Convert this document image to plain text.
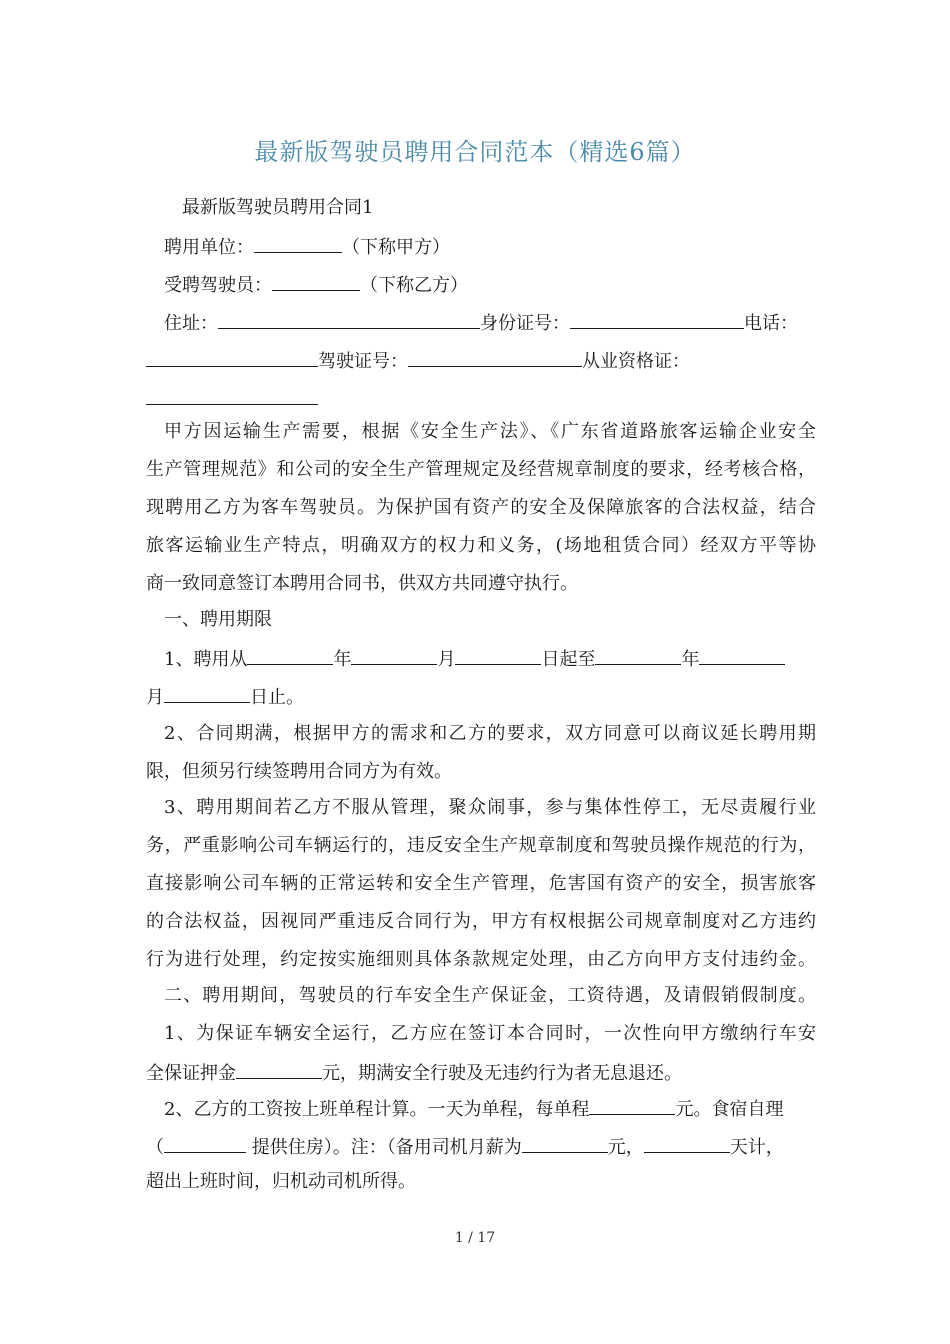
最新版驾驶员聘用合同范本（精选6篇）
最新版驾驶员聘用合同1
聘用单位：	（下称甲方）
受聘驾驶员：	（下称乙方）
住址：	身份证号：	电话：
驾驶证号：	从业资格证：
甲方因运输生产需要，根据《安全生产法》、《广东省道路旅客运输企业安全
生产管理规范》和公司的安全生产管理规定及经营规章制度的要求，经考核合格，
现聘用乙方为客车驾驶员。为保护国有资产的安全及保障旅客的合法权益，结合
旅客运输业生产特点，明确双方的权力和义务，(场地租赁合同）经双方平等协
商一致同意签订本聘用合同书，供双方共同遵守执行。
一、聘用期限
1、聘用从	年	月	日起至	年
月	日止。
2、合同期满，根据甲方的需求和乙方的要求，双方同意可以商议延长聘用期
限，但须另行续签聘用合同方为有效。
3、聘用期间若乙方不服从管理，聚众闹事，参与集体性停工，无尽责履行业
务，严重影响公司车辆运行的，违反安全生产规章制度和驾驶员操作规范的行为，
直接影响公司车辆的正常运转和安全生产管理，危害国有资产的安全，损害旅客
的合法权益，因视同严重违反合同行为，甲方有权根据公司规章制度对乙方违约
行为进行处理，约定按实施细则具体条款规定处理，由乙方向甲方支付违约金。
二、聘用期间，驾驶员的行车安全生产保证金，工资待遇，及请假销假制度。
1、为保证车辆安全运行，乙方应在签订本合同时，一次性向甲方缴纳行车安
全保证押金	元，期满安全行驶及无违约行为者无息退还。
2、乙方的工资按上班单程计算。一天为单程，每单程	元。食宿自理
（	提供住房）。注：（备用司机月薪为	元，	天计，
超出上班时间，归机动司机所得。
1 / 17
